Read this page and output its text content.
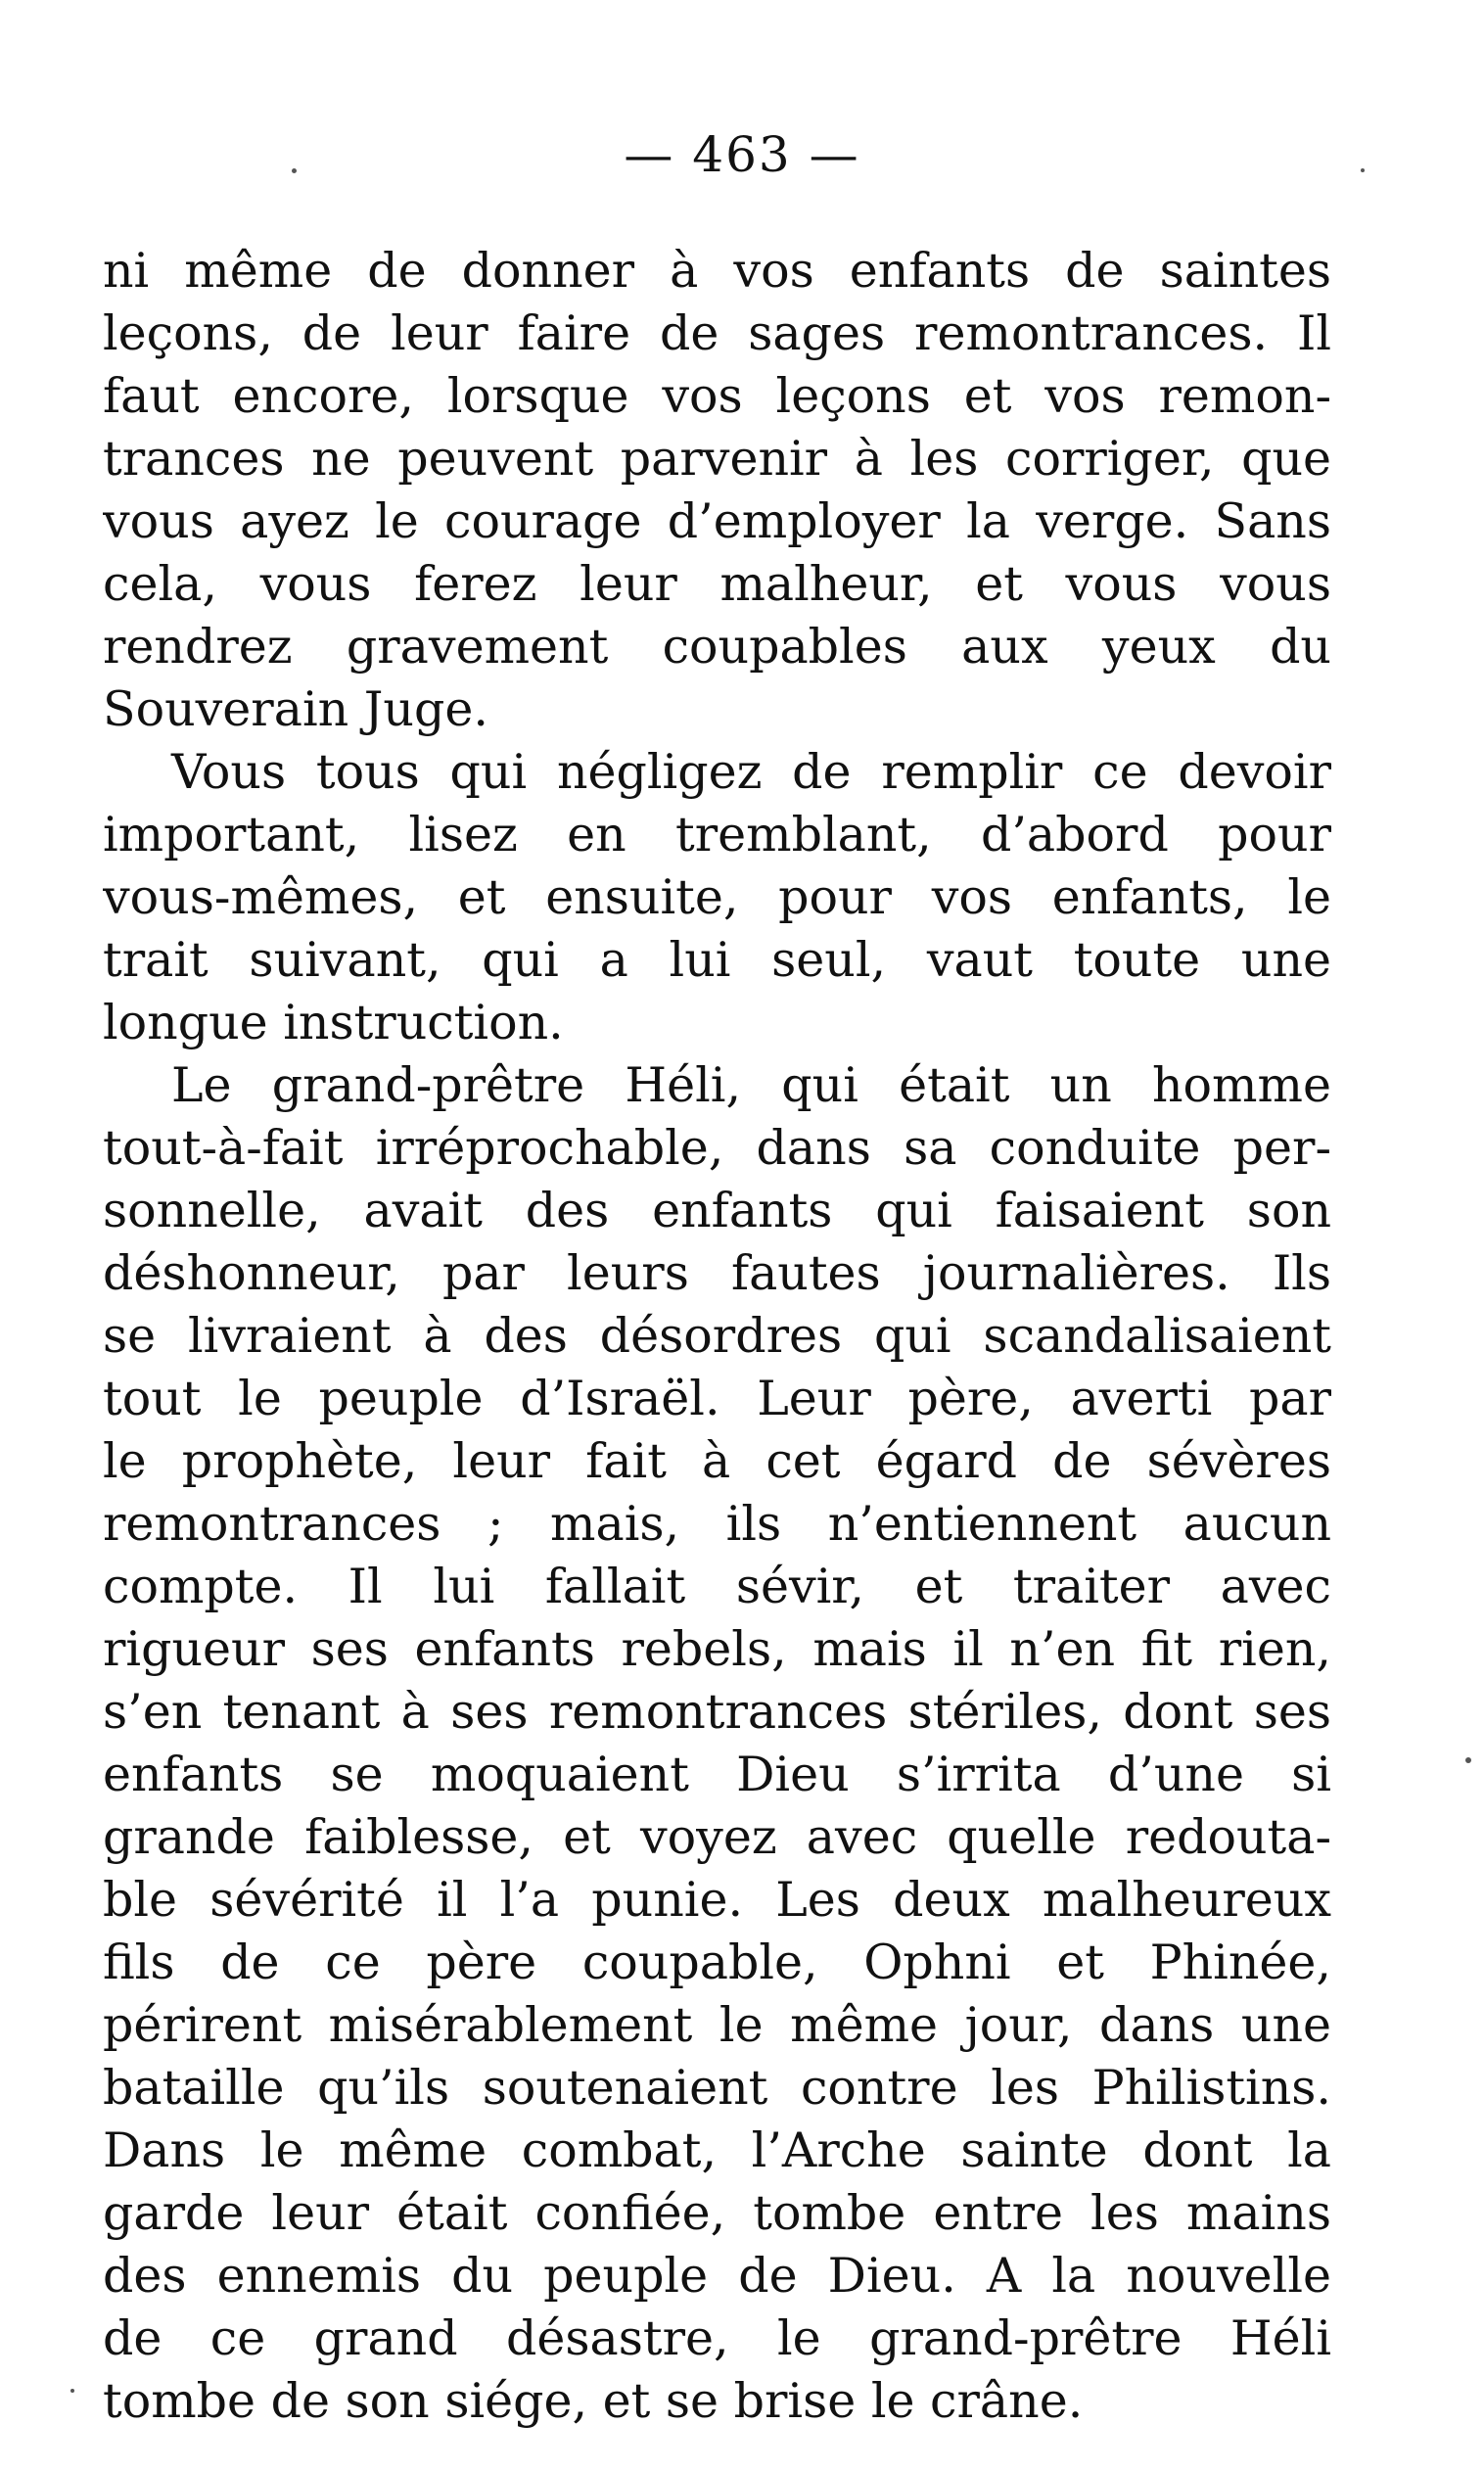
— 463 —
ni même de donner à vos enfants de saintes
leçons, de leur faire de sages remontrances. Il
faut encore, lorsque vos leçons et vos remon-
trances ne peuvent parvenir à les corriger, que
vous ayez le courage d’employer la verge. Sans
cela, vous ferez leur malheur, et vous vous
rendrez gravement coupables aux yeux du
Souverain Juge.
Vous tous qui négligez de remplir ce devoir
important, lisez en tremblant, d’abord pour
vous-mêmes, et ensuite, pour vos enfants, le
trait suivant, qui a lui seul, vaut toute une
longue instruction.
Le grand-prêtre Héli, qui était un homme
tout-à-fait irréprochable, dans sa conduite per-
sonnelle, avait des enfants qui faisaient son
déshonneur, par leurs fautes journalières. Ils
se livraient à des désordres qui scandalisaient
tout le peuple d’Israël. Leur père, averti par
le prophète, leur fait à cet égard de sévères
remontrances ; mais, ils n’entiennent aucun
compte. Il lui fallait sévir, et traiter avec
rigueur ses enfants rebels, mais il n’en fit rien,
s’en tenant à ses remontrances stériles, dont ses
enfants se moquaient Dieu s’irrita d’une si
grande faiblesse, et voyez avec quelle redouta-
ble sévérité il l’a punie. Les deux malheureux
fils de ce père coupable, Ophni et Phinée,
périrent misérablement le même jour, dans une
bataille qu’ils soutenaient contre les Philistins.
Dans le même combat, l’Arche sainte dont la
garde leur était confiée, tombe entre les mains
des ennemis du peuple de Dieu. A la nouvelle
de ce grand désastre, le grand-prêtre Héli
tombe de son siége, et se brise le crâne.
